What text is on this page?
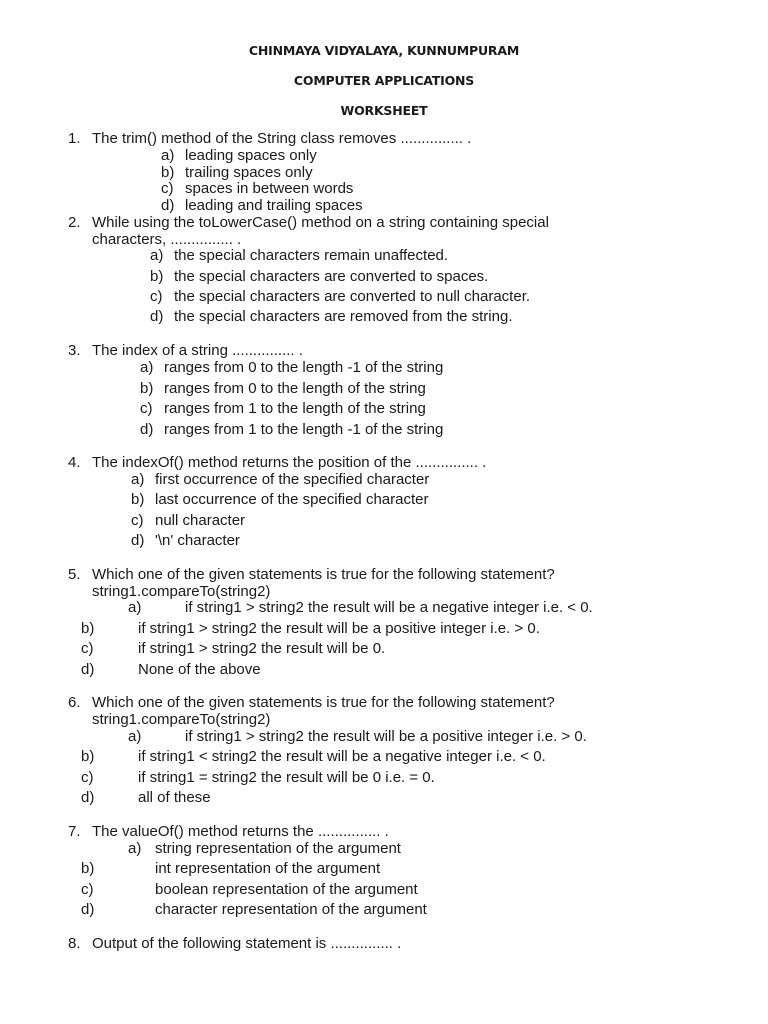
CHINMAYA VIDYALAYA, KUNNUMPURAM
COMPUTER APPLICATIONS
WORKSHEET
1. The trim() method of the String class removes ............... .
a) leading spaces only
b) trailing spaces only
c) spaces in between words
d) leading and trailing spaces
2. While using the toLowerCase() method on a string containing special
characters, ............... .
a) the special characters remain unaffected.
b) the special characters are converted to spaces.
c) the special characters are converted to null character.
d) the special characters are removed from the string.
3. The index of a string ............... .
a) ranges from 0 to the length -1 of the string
b) ranges from 0 to the length of the string
c) ranges from 1 to the length of the string
d) ranges from 1 to the length -1 of the string
4. The indexOf() method returns the position of the ............... .
a) first occurrence of the specified character
b) last occurrence of the specified character
c) null character
d) '\n' character
5. Which one of the given statements is true for the following statement?
string1.compareTo(string2)
a)	if string1 > string2 the result will be a negative integer i.e. < 0.
b)	if string1 > string2 the result will be a positive integer i.e. > 0.
c)	if string1 > string2 the result will be 0.
d)	None of the above
6. Which one of the given statements is true for the following statement?
string1.compareTo(string2)
a)	if string1 > string2 the result will be a positive integer i.e. > 0.
b)	if string1 < string2 the result will be a negative integer i.e. < 0.
c)	if string1 = string2 the result will be 0 i.e. = 0.
d)	all of these
7. The valueOf() method returns the ............... .
a) string representation of the argument
b)	int representation of the argument
c)	boolean representation of the argument
d)	character representation of the argument
8. Output of the following statement is ............... .
